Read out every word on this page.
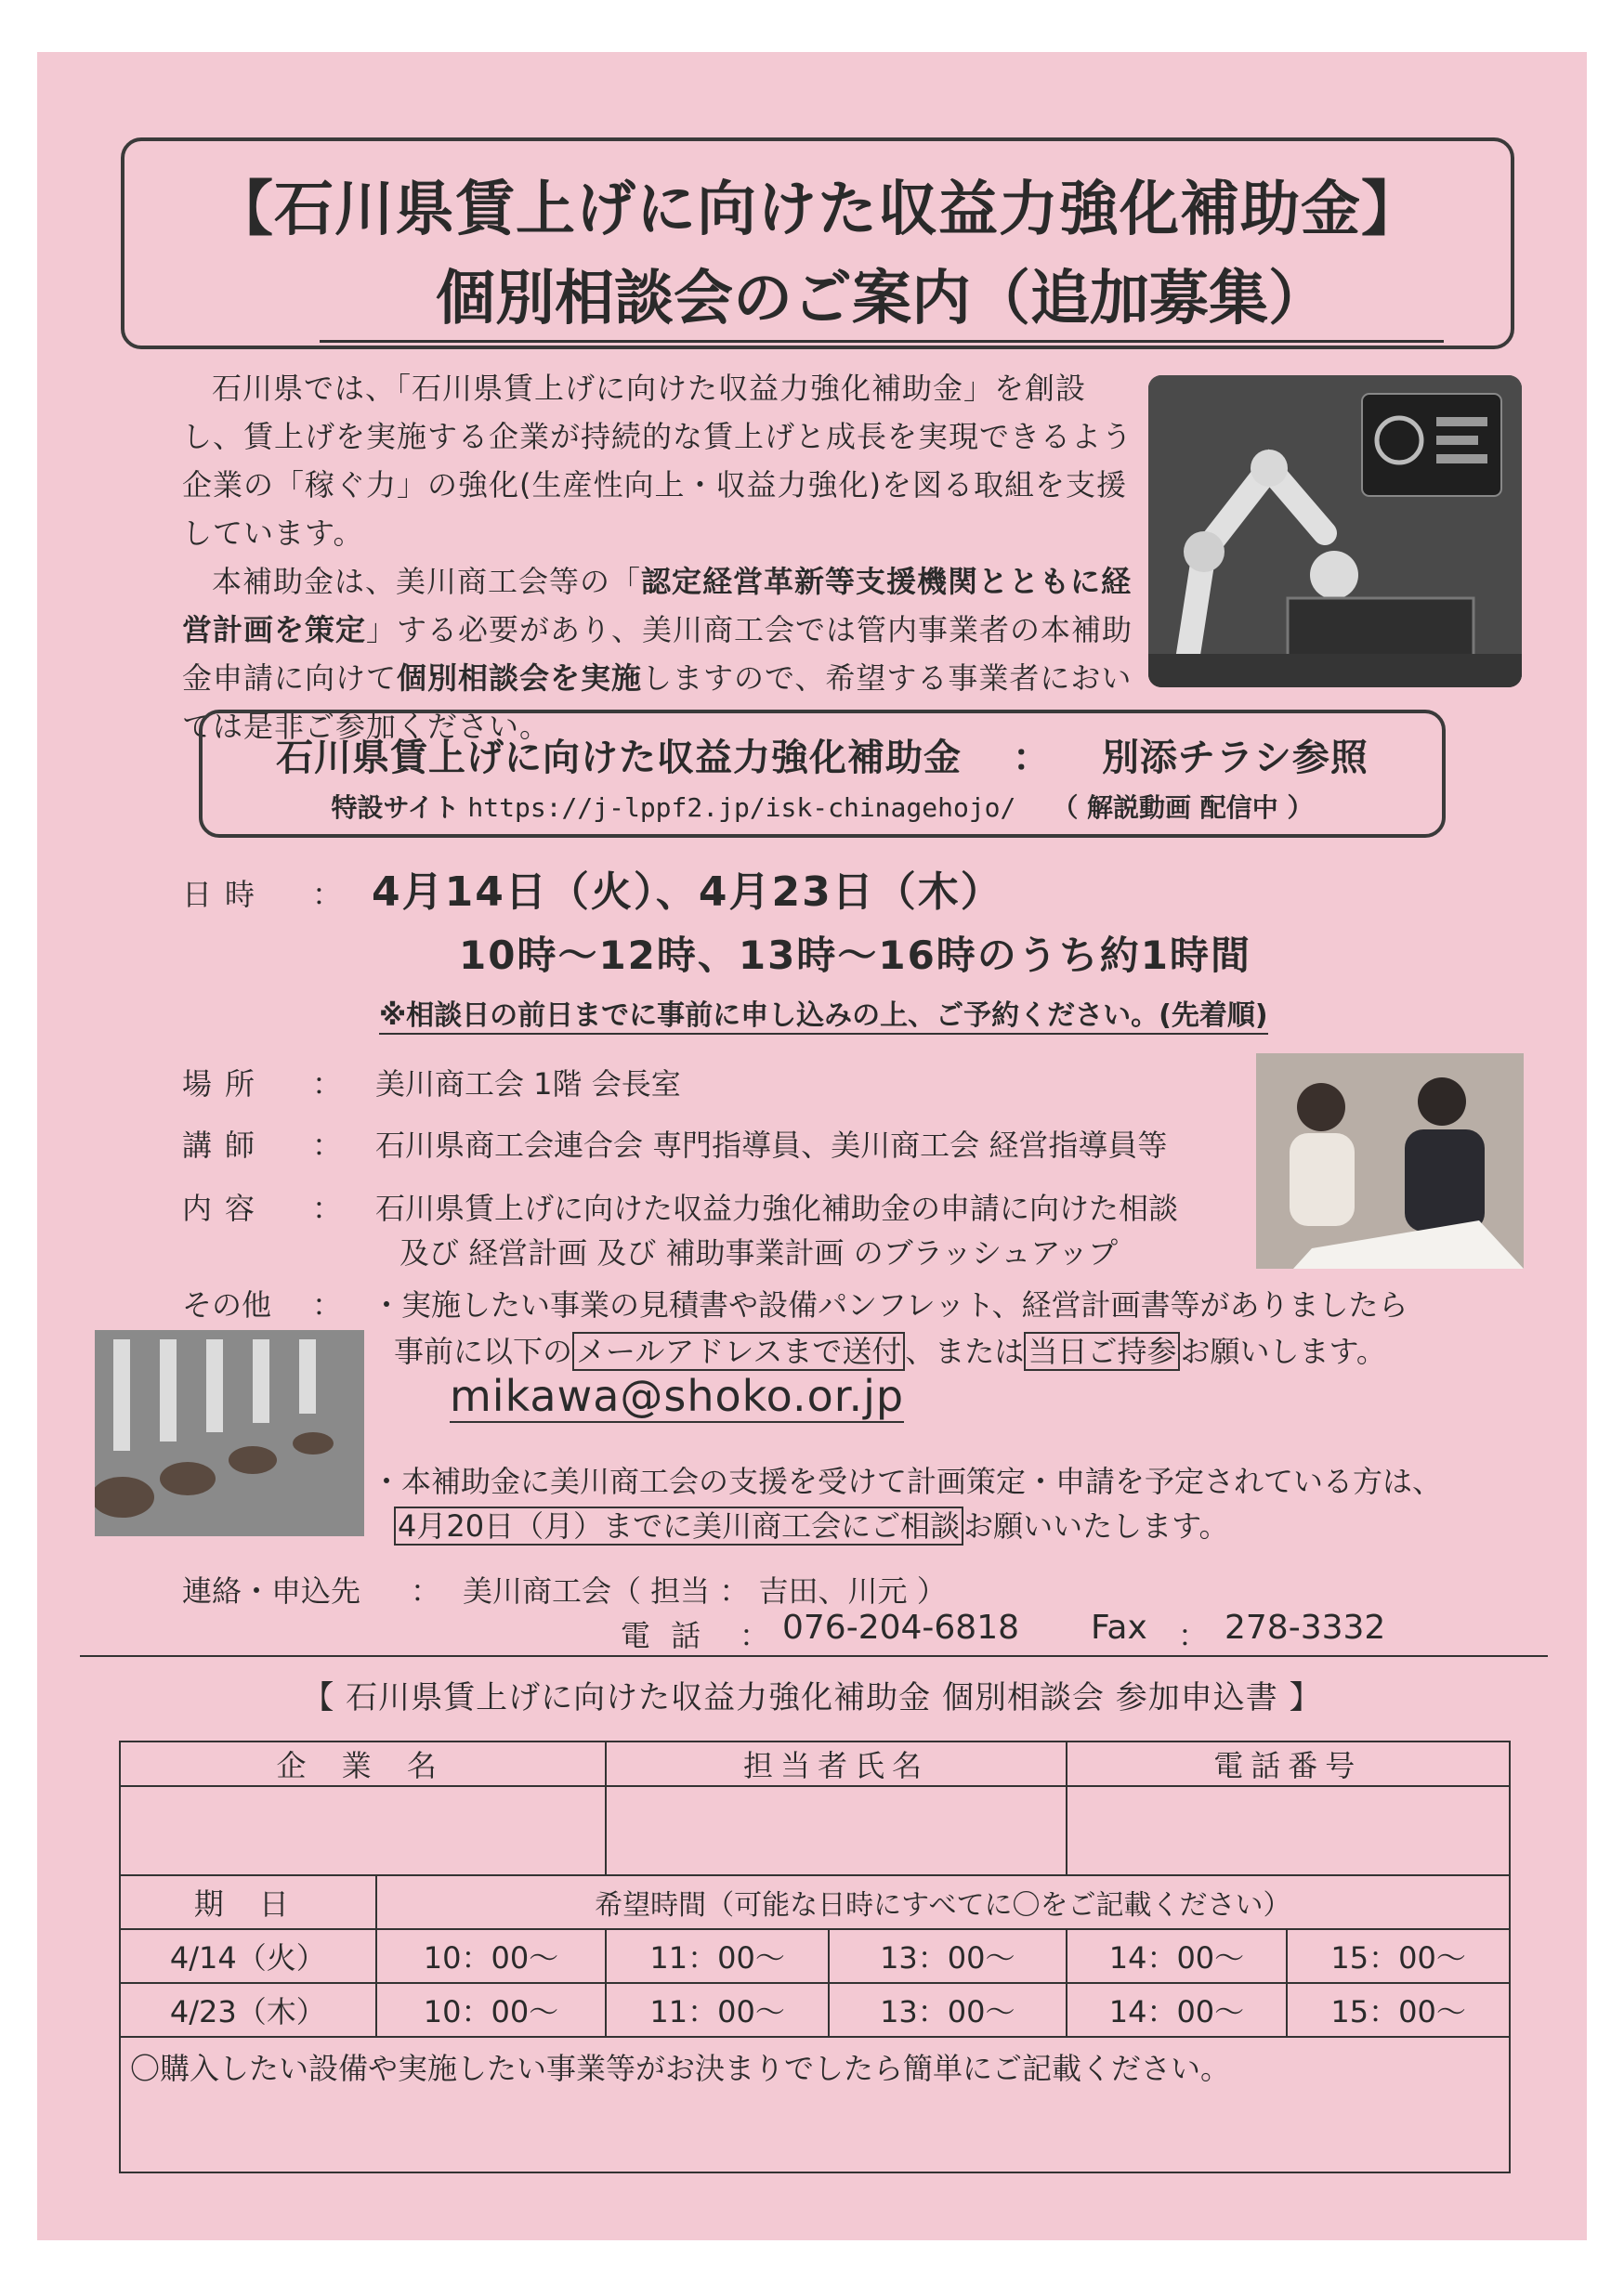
【石川県賃上げに向けた収益力強化補助金】
個別相談会のご案内（追加募集）

石川県では、「石川県賃上げに向けた収益力強化補助金」を創設し、賃上げを実施する企業が持続的な賃上げと成長を実現できるよう企業の「稼ぐ力」の強化(生産性向上・収益力強化)を図る取組を支援しています。

本補助金は、美川商工会等の「認定経営革新等支援機関とともに経営計画を策定」する必要があり、美川商工会では管内事業者の本補助金申請に向けて個別相談会を実施しますので、希望する事業者においては是非ご参加ください。

石川県賃上げに向けた収益力強化補助金 ： 別添チラシ参照
特設サイト https://j-lppf2.jp/isk-chinagehojo/ （ 解説動画 配信中 ）
日時 ： 4月14日（火）、4月23日（木）
10時～12時、13時～16時のうち約1時間
※相談日の前日までに事前に申し込みの上、ご予約ください。(先着順)
場所 ： 美川商工会 1階 会長室
講師 ： 石川県商工会連合会 専門指導員、美川商工会 経営指導員等
内容 ： 石川県賃上げに向けた収益力強化補助金の申請に向けた相談
及び 経営計画 及び 補助事業計画 のブラッシュアップ
その他 ： ・実施したい事業の見積書や設備パンフレット、経営計画書等がありましたら
事前に以下の メールアドレスまで送付 、または 当日ご持参 お願いします。
mikawa@shoko.or.jp
・本補助金に美川商工会の支援を受けて計画策定・申請を予定されている方は、
4月20日（月）までに美川商工会にご相談 お願いいたします。
連絡・申込先 ： 美川商工会（ 担当 ： 吉田、川元 ）
電 話 ： 076-204-6818 Fax ： 278-3332
【 石川県賃上げに向けた収益力強化補助金 個別相談会 参加申込書 】
企 業 名		担当者氏名		電話番号	

期 日	希望時間（可能な日時にすべてに〇をご記載ください）				
4/14（火）	10：00～	11：00～	13：00～	14：00～	15：00～
4/23（木）	10：00～	11：00～	13：00～	14：00～	15：00～

〇購入したい設備や実施したい事業等がお決まりでしたら簡単にご記載ください。					
